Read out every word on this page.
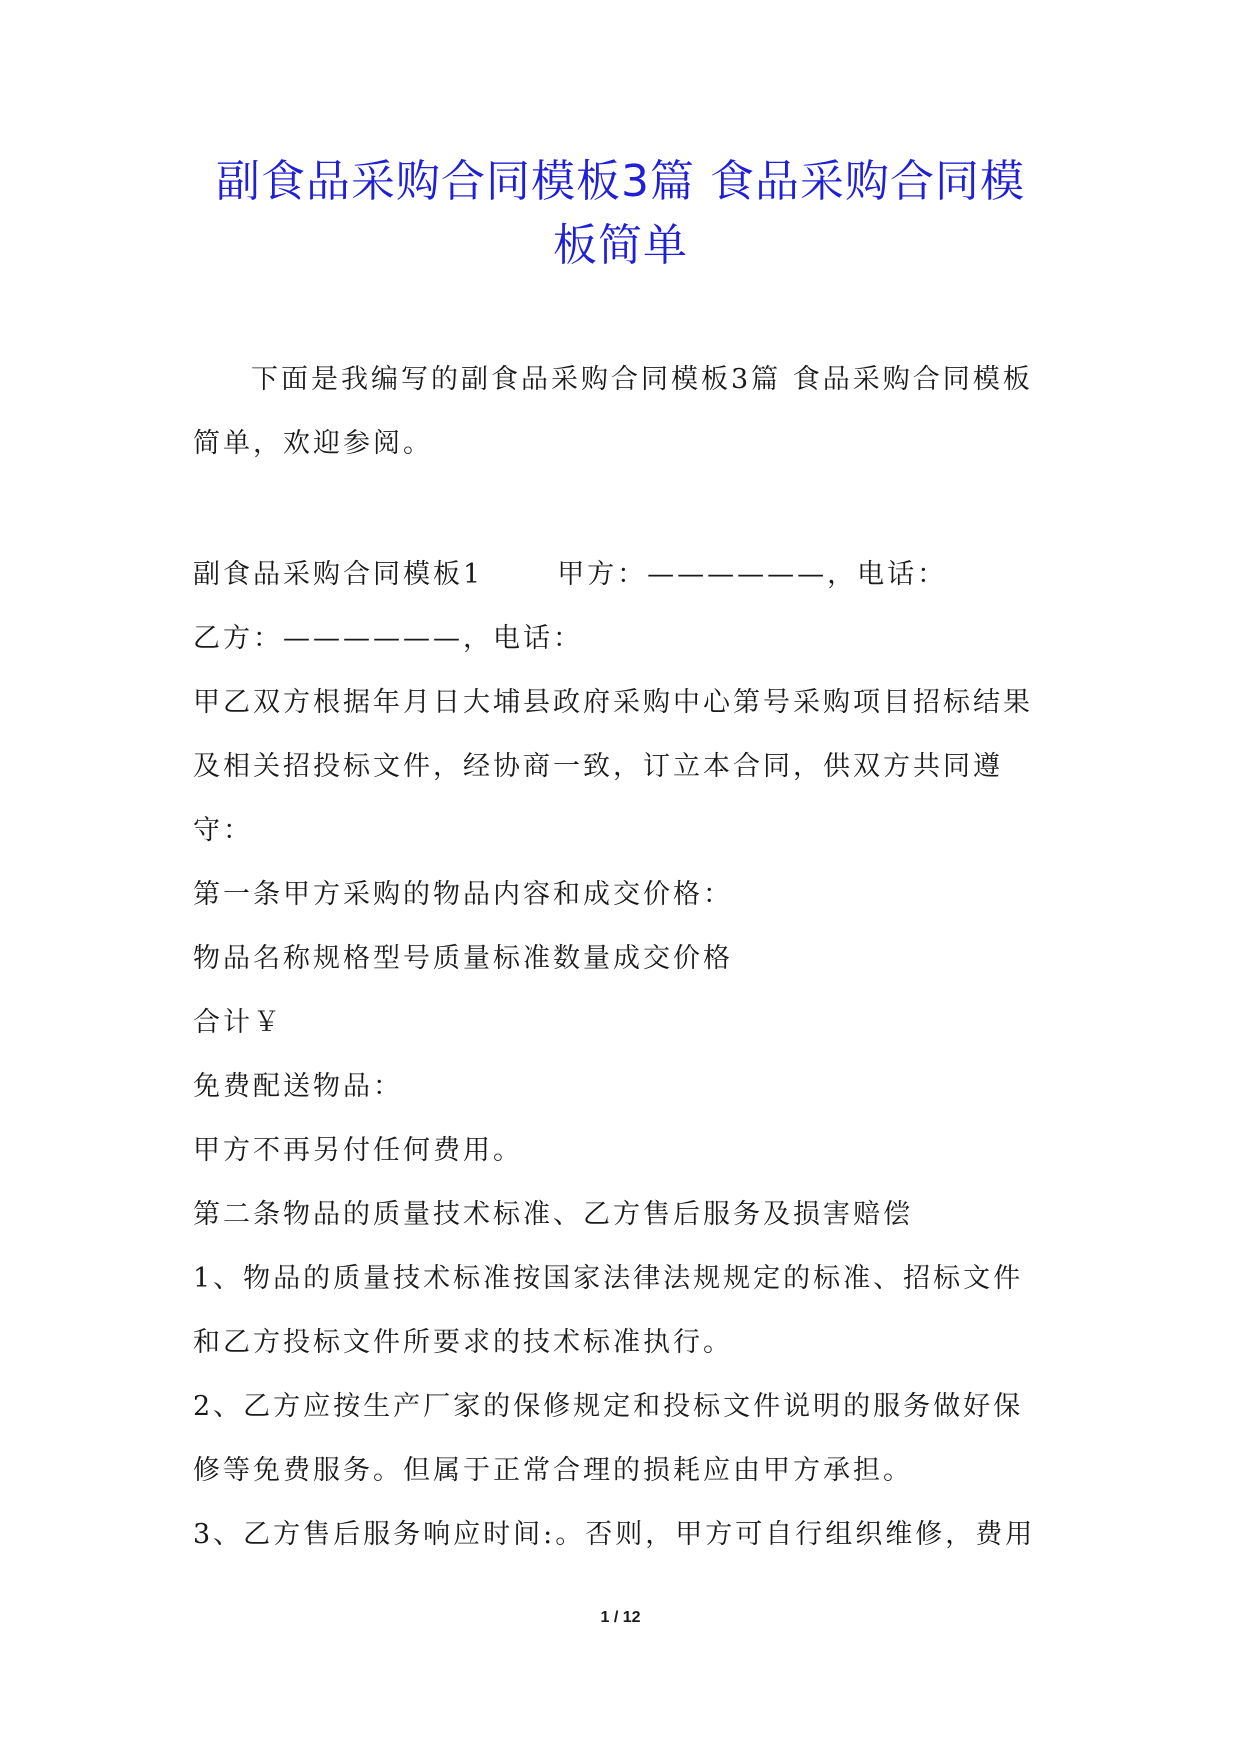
副食品采购合同模板3篇 食品采购合同模
板简单

下面是我编写的副食品采购合同模板3篇 食品采购合同模板简单，欢迎参阅。

副食品采购合同模板1	甲方：——————，电话：

乙方：——————，电话：

甲乙双方根据年月日大埔县政府采购中心第号采购项目招标结果及相关招投标文件，经协商一致，订立本合同，供双方共同遵守：

第一条甲方采购的物品内容和成交价格：

物品名称规格型号质量标准数量成交价格

合计￥

免费配送物品：

甲方不再另付任何费用。

第二条物品的质量技术标准、乙方售后服务及损害赔偿

1、物品的质量技术标准按国家法律法规规定的标准、招标文件和乙方投标文件所要求的技术标准执行。

2、乙方应按生产厂家的保修规定和投标文件说明的服务做好保修等免费服务。但属于正常合理的损耗应由甲方承担。

3、乙方售后服务响应时间:。否则，甲方可自行组织维修，费用

1 / 12
